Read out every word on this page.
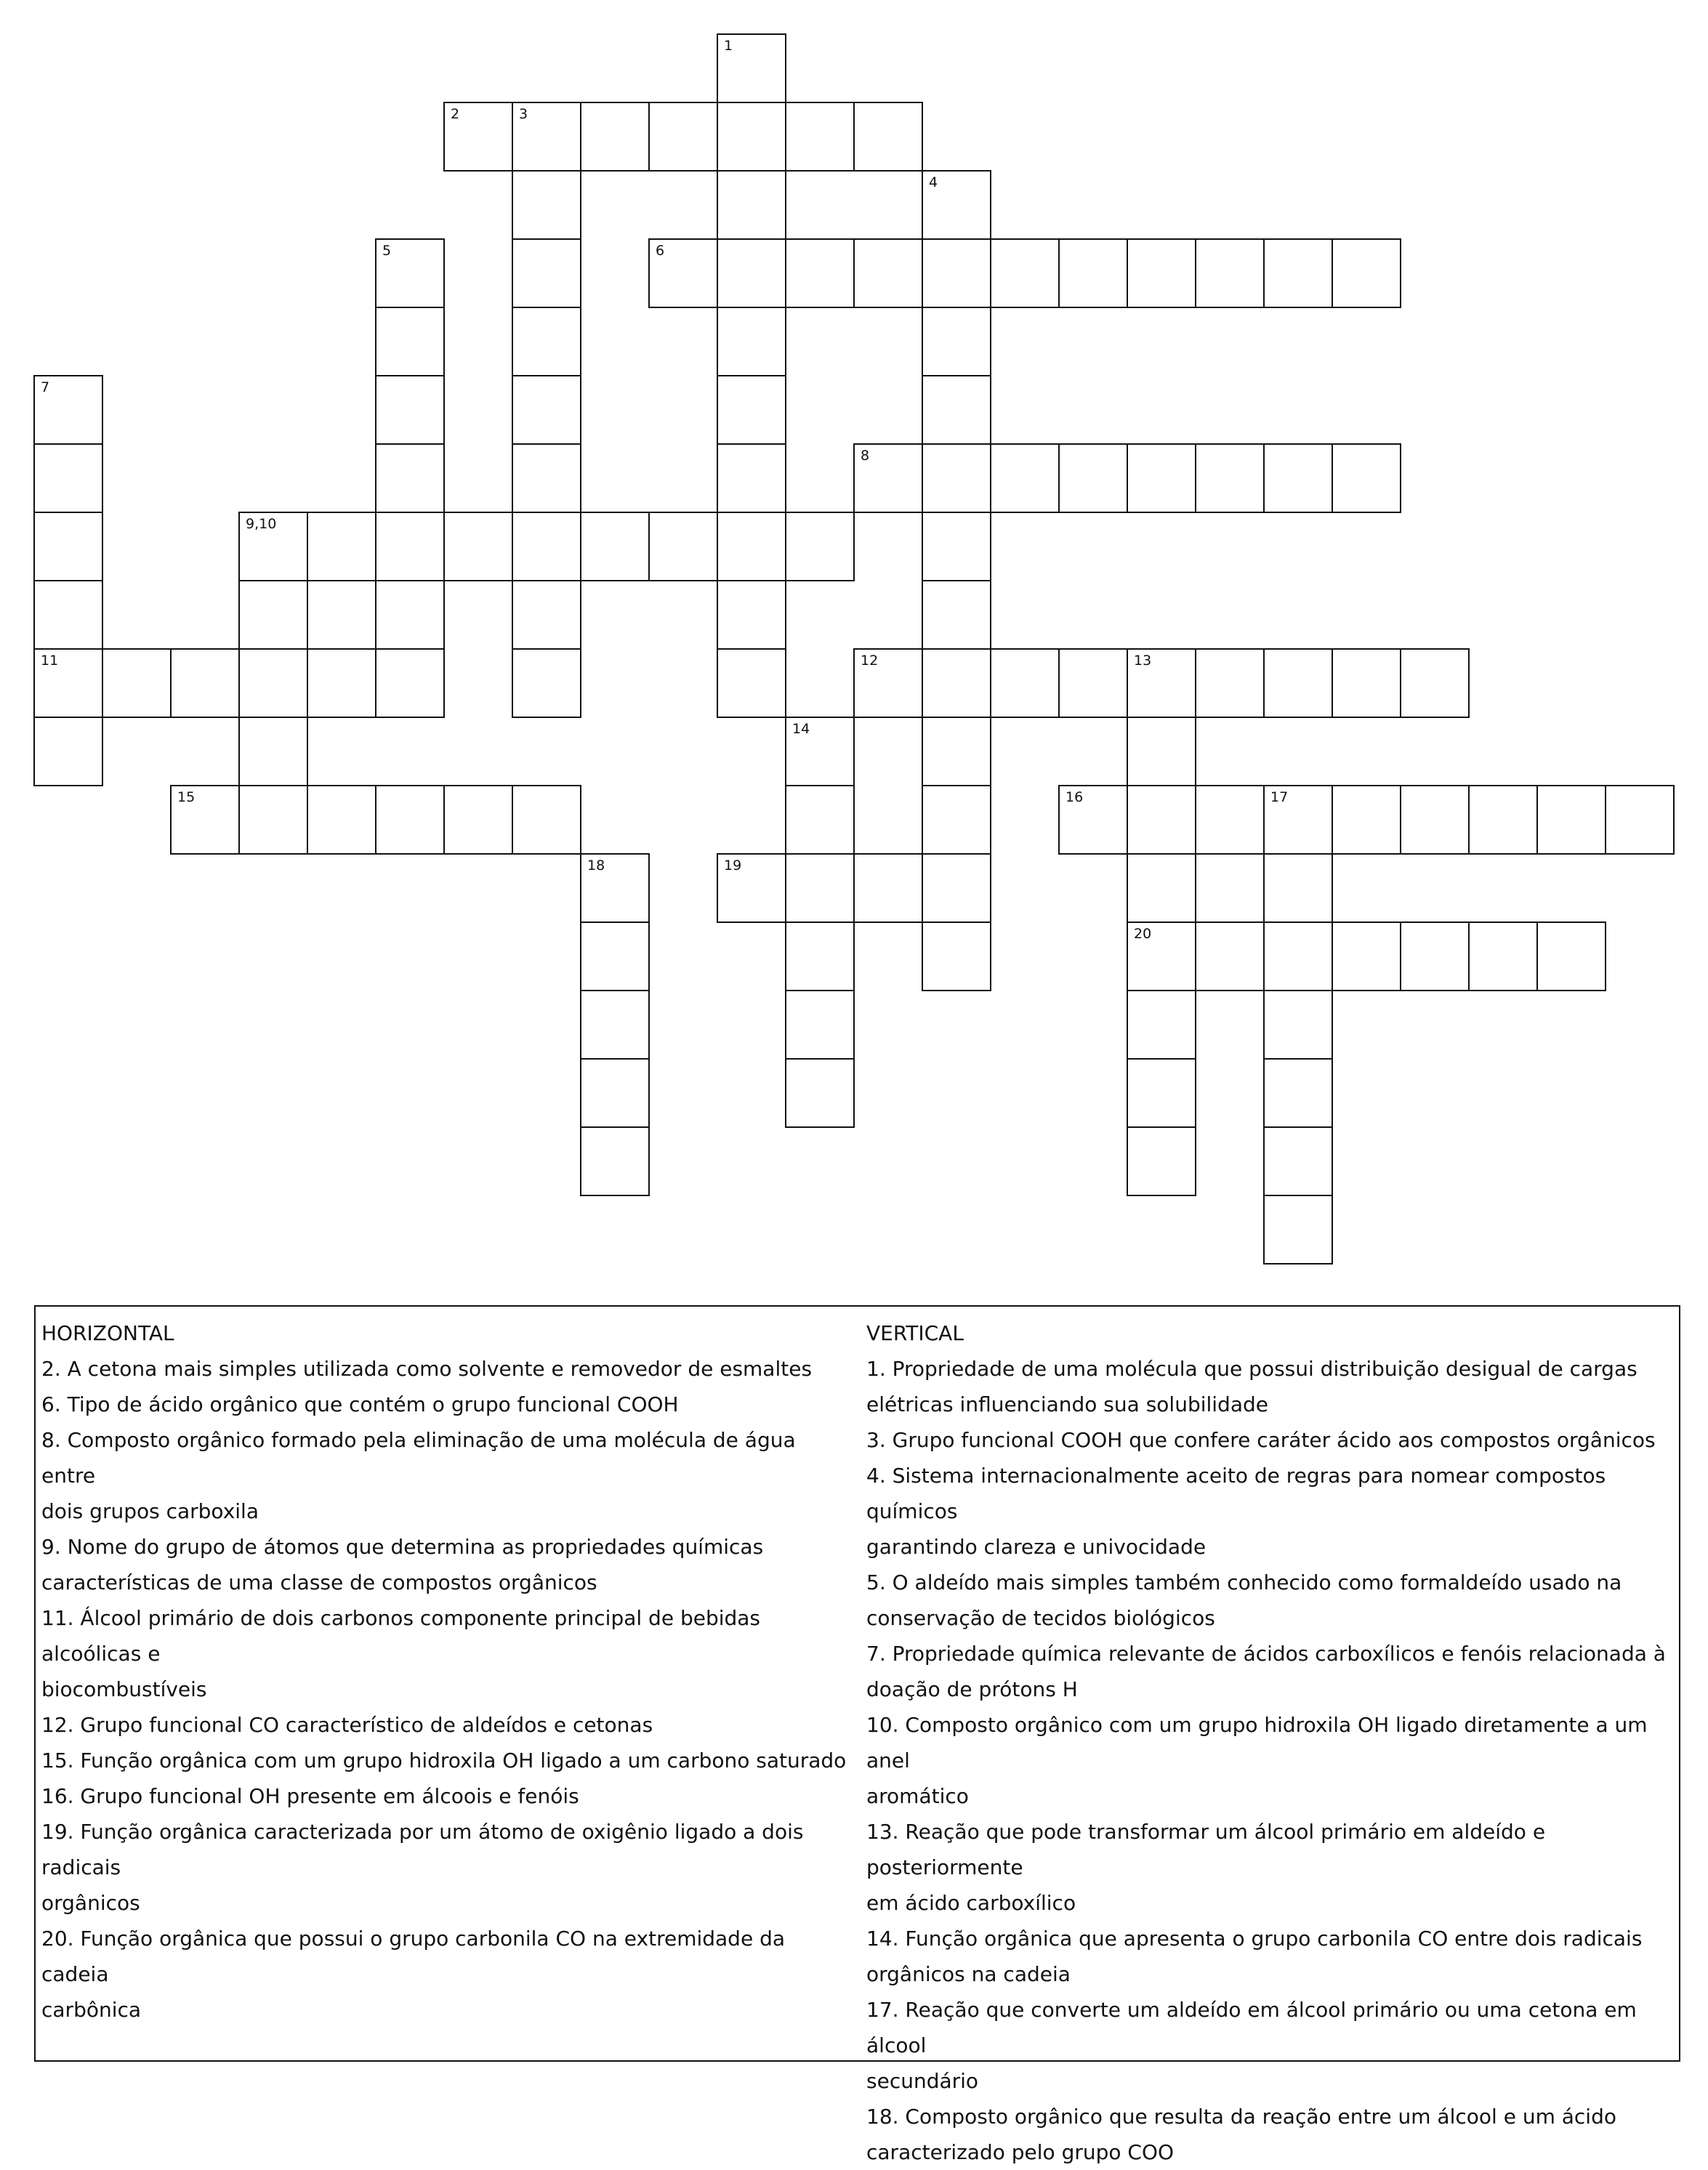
1
2	3
4
5	6
7
8
9,10
11	12	13
14
15	16	17
18	19
20
HORIZONTAL
2. A cetona mais simples utilizada como solvente e removedor de esmaltes
6. Tipo de ácido orgânico que contém o grupo funcional COOH
8. Composto orgânico formado pela eliminação de uma molécula de água entre
dois grupos carboxila
9. Nome do grupo de átomos que determina as propriedades químicas
características de uma classe de compostos orgânicos
11. Álcool primário de dois carbonos componente principal de bebidas alcoólicas e
biocombustíveis
12. Grupo funcional CO característico de aldeídos e cetonas
15. Função orgânica com um grupo hidroxila OH ligado a um carbono saturado
16. Grupo funcional OH presente em álcoois e fenóis
19. Função orgânica caracterizada por um átomo de oxigênio ligado a dois radicais
orgânicos
20. Função orgânica que possui o grupo carbonila CO na extremidade da cadeia
carbônica
VERTICAL
1. Propriedade de uma molécula que possui distribuição desigual de cargas
elétricas influenciando sua solubilidade
3. Grupo funcional COOH que confere caráter ácido aos compostos orgânicos
4. Sistema internacionalmente aceito de regras para nomear compostos químicos
garantindo clareza e univocidade
5. O aldeído mais simples também conhecido como formaldeído usado na
conservação de tecidos biológicos
7. Propriedade química relevante de ácidos carboxílicos e fenóis relacionada à
doação de prótons H
10. Composto orgânico com um grupo hidroxila OH ligado diretamente a um anel
aromático
13. Reação que pode transformar um álcool primário em aldeído e posteriormente
em ácido carboxílico
14. Função orgânica que apresenta o grupo carbonila CO entre dois radicais
orgânicos na cadeia
17. Reação que converte um aldeído em álcool primário ou uma cetona em álcool
secundário
18. Composto orgânico que resulta da reação entre um álcool e um ácido
caracterizado pelo grupo COO
